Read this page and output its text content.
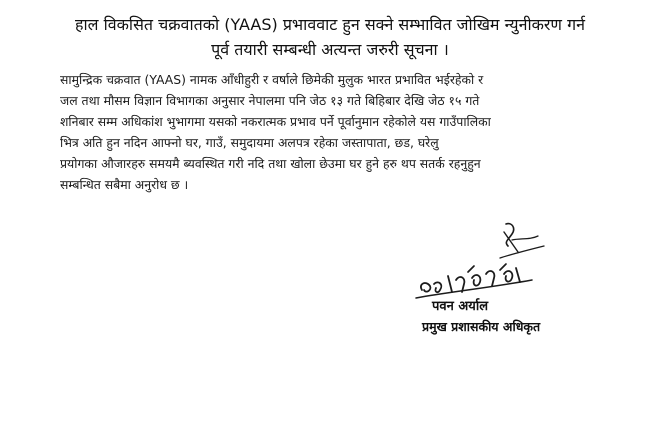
हाल विकसित चक्रवातको (YAAS) प्रभाववाट हुन सक्ने सम्भावित जोखिम न्युनीकरण गर्न
पूर्व तयारी सम्बन्धी अत्यन्त जरुरी सूचना ।
सामुन्द्रिक चक्रवात (YAAS) नामक आँधीहुरी र वर्षाले छिमेकी मुलुक भारत प्रभावित भईरहेको र
जल तथा मौसम विज्ञान विभागका अनुसार नेपालमा पनि जेठ १३ गते बिहिबार देखि जेठ १५ गते
शनिबार सम्म अधिकांश भुभागमा यसको नकरात्मक प्रभाव पर्ने पूर्वानुमान रहेकोले यस गाउँपालिका
भित्र अति हुन नदिन आफ्नो घर, गाउँ, समुदायमा अलपत्र रहेका जस्तापाता, छड, घरेलु
प्रयोगका औजारहरु समयमै ब्यवस्थित गरी नदि तथा खोला छेउमा घर हुने हरु थप सतर्क रहनुहुन
सम्बन्धित सबैमा अनुरोध छ ।
पवन अर्याल
प्रमुख प्रशासकीय अधिकृत
